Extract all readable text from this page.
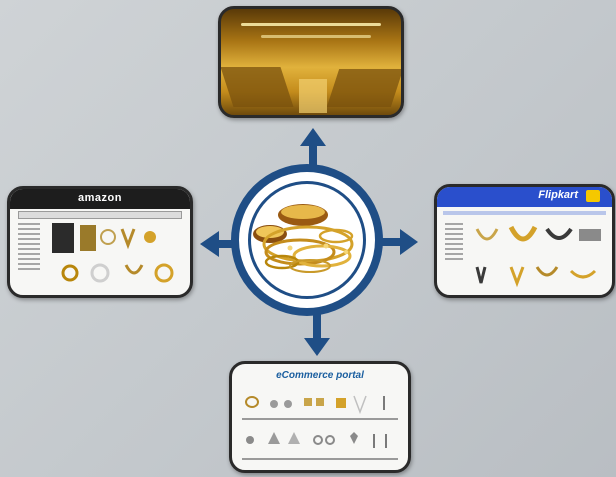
amazon	Flipkart
eCommerce portal
